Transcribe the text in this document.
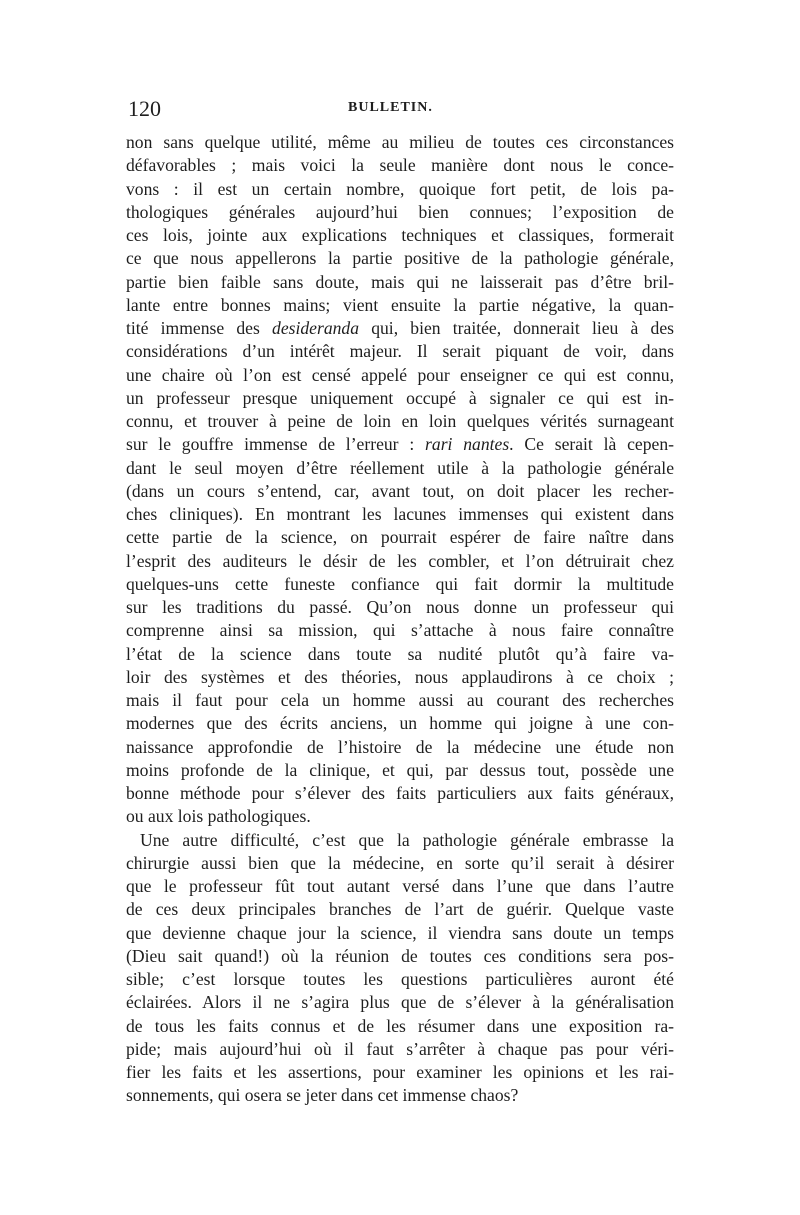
120	BULLETIN.
non sans quelque utilité, même au milieu de toutes ces circonstances
défavorables ; mais voici la seule manière dont nous le conce-
vons : il est un certain nombre, quoique fort petit, de lois pa-
thologiques générales aujourd’hui bien connues; l’exposition de
ces lois, jointe aux explications techniques et classiques, formerait
ce que nous appellerons la partie positive de la pathologie générale,
partie bien faible sans doute, mais qui ne laisserait pas d’être bril-
lante entre bonnes mains; vient ensuite la partie négative, la quan-
tité immense des desideranda qui, bien traitée, donnerait lieu à des
considérations d’un intérêt majeur. Il serait piquant de voir, dans
une chaire où l’on est censé appelé pour enseigner ce qui est connu,
un professeur presque uniquement occupé à signaler ce qui est in-
connu, et trouver à peine de loin en loin quelques vérités surnageant
sur le gouffre immense de l’erreur : rari nantes. Ce serait là cepen-
dant le seul moyen d’être réellement utile à la pathologie générale
(dans un cours s’entend, car, avant tout, on doit placer les recher-
ches cliniques). En montrant les lacunes immenses qui existent dans
cette partie de la science, on pourrait espérer de faire naître dans
l’esprit des auditeurs le désir de les combler, et l’on détruirait chez
quelques-uns cette funeste confiance qui fait dormir la multitude
sur les traditions du passé. Qu’on nous donne un professeur qui
comprenne ainsi sa mission, qui s’attache à nous faire connaître
l’état de la science dans toute sa nudité plutôt qu’à faire va-
loir des systèmes et des théories, nous applaudirons à ce choix ;
mais il faut pour cela un homme aussi au courant des recherches
modernes que des écrits anciens, un homme qui joigne à une con-
naissance approfondie de l’histoire de la médecine une étude non
moins profonde de la clinique, et qui, par dessus tout, possède une
bonne méthode pour s’élever des faits particuliers aux faits généraux,
ou aux lois pathologiques.
Une autre difficulté, c’est que la pathologie générale embrasse la
chirurgie aussi bien que la médecine, en sorte qu’il serait à désirer
que le professeur fût tout autant versé dans l’une que dans l’autre
de ces deux principales branches de l’art de guérir. Quelque vaste
que devienne chaque jour la science, il viendra sans doute un temps
(Dieu sait quand!) où la réunion de toutes ces conditions sera pos-
sible; c’est lorsque toutes les questions particulières auront été
éclairées. Alors il ne s’agira plus que de s’élever à la généralisation
de tous les faits connus et de les résumer dans une exposition ra-
pide; mais aujourd’hui où il faut s’arrêter à chaque pas pour véri-
fier les faits et les assertions, pour examiner les opinions et les rai-
sonnements, qui osera se jeter dans cet immense chaos?
